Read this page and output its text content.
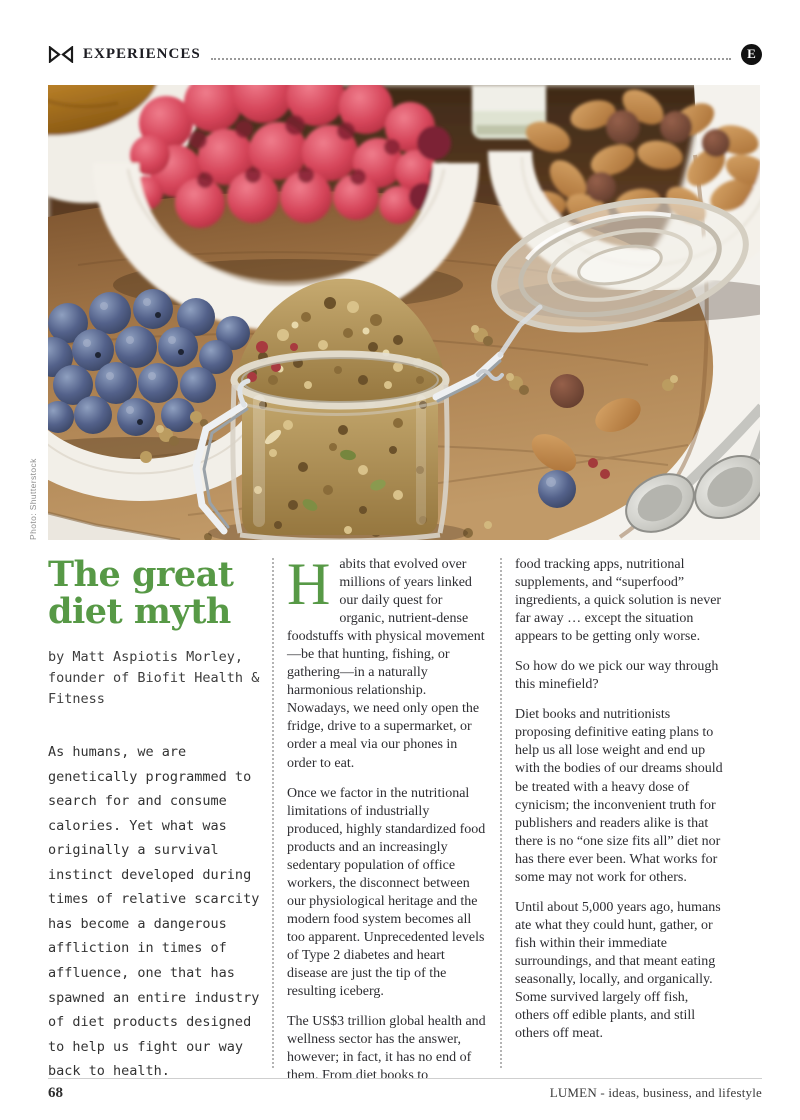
EXPERIENCES	E
Photo: Shutterstock
The great
diet myth
by Matt Aspiotis Morley, founder of Biofit Health & Fitness
As humans, we are genetically programmed to search for and consume calories. Yet what was originally a survival instinct developed during times of relative scarcity has become a dangerous affliction in times of affluence, one that has spawned an entire industry of diet products designed to help us fight our way back to health.

Habits that evolved over millions of years linked our daily quest for organic, nutrient-dense foodstuffs with physical movement—be that hunting, fishing, or gathering—in a naturally harmonious relationship. Nowadays, we need only open the fridge, drive to a supermarket, or order a meal via our phones in order to eat.

Once we factor in the nutritional limitations of industrially produced, highly standardized food products and an increasingly sedentary population of office workers, the disconnect between our physiological heritage and the modern food system becomes all too apparent. Unprecedented levels of Type 2 diabetes and heart disease are just the tip of the resulting iceberg.

The US$3 trillion global health and wellness sector has the answer, however; in fact, it has no end of them. From diet books to

food tracking apps, nutritional supplements, and “superfood” ingredients, a quick solution is never far away … except the situation appears to be getting only worse.

So how do we pick our way through this minefield?

Diet books and nutritionists proposing definitive eating plans to help us all lose weight and end up with the bodies of our dreams should be treated with a heavy dose of cynicism; the inconvenient truth for publishers and readers alike is that there is no “one size fits all” diet nor has there ever been. What works for some may not work for others.

Until about 5,000 years ago, humans ate what they could hunt, gather, or fish within their immediate surroundings, and that meant eating seasonally, locally, and organically. Some survived largely off fish, others off edible plants, and still others off meat.

68	LUMEN - ideas, business, and lifestyle
